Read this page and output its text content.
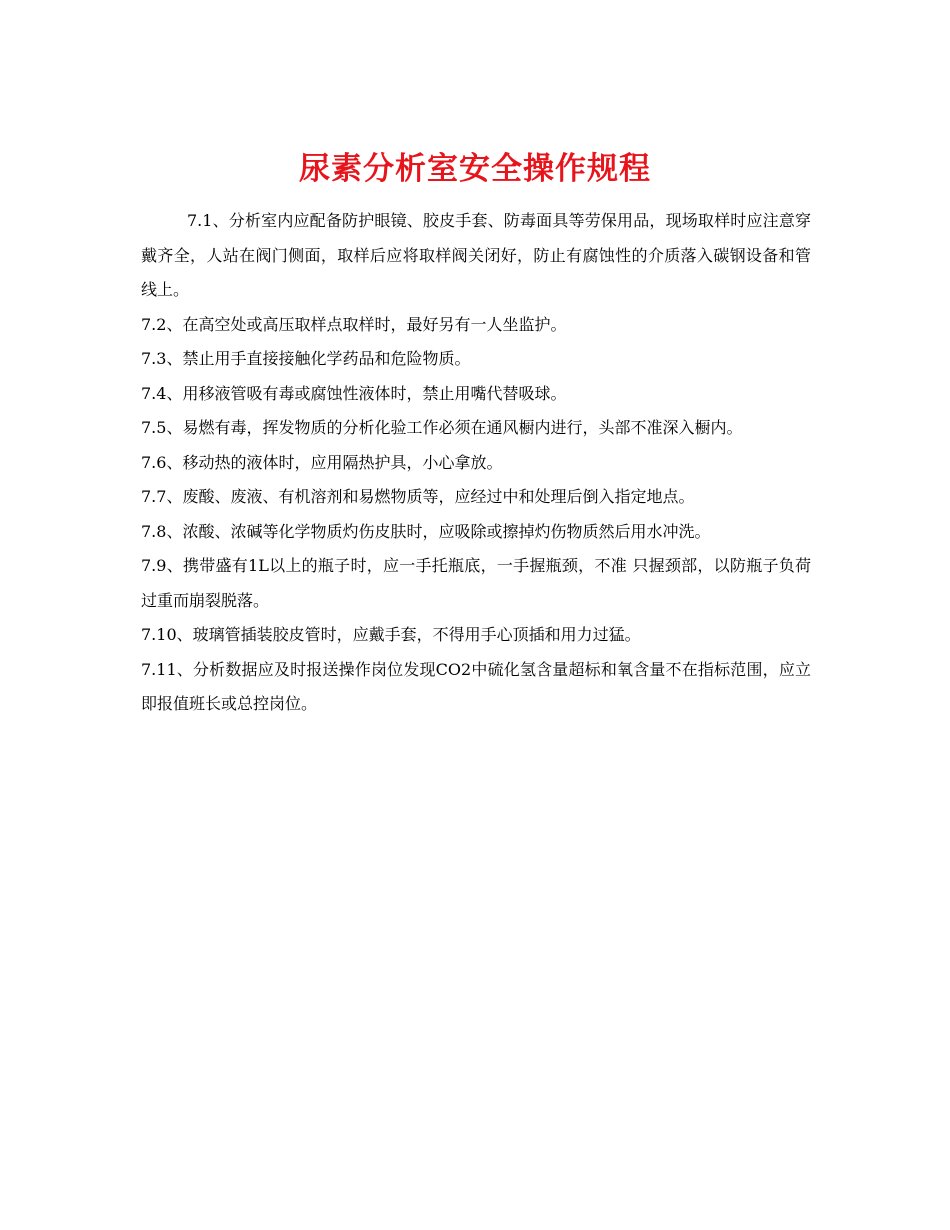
尿素分析室安全操作规程

7.1、分析室内应配备防护眼镜、胶皮手套、防毒面具等劳保用品，现场取样时应注意穿戴齐全，人站在阀门侧面，取样后应将取样阀关闭好，防止有腐蚀性的介质落入碳钢设备和管线上。

7.2、在高空处或高压取样点取样时，最好另有一人坐监护。

7.3、禁止用手直接接触化学药品和危险物质。

7.4、用移液管吸有毒或腐蚀性液体时，禁止用嘴代替吸球。

7.5、易燃有毒，挥发物质的分析化验工作必须在通风橱内进行，头部不准深入橱内。

7.6、移动热的液体时，应用隔热护具，小心拿放。

7.7、废酸、废液、有机溶剂和易燃物质等，应经过中和处理后倒入指定地点。

7.8、浓酸、浓碱等化学物质灼伤皮肤时，应吸除或擦掉灼伤物质然后用水冲洗。

7.9、携带盛有1L以上的瓶子时，应一手托瓶底，一手握瓶颈，不准 只握颈部，以防瓶子负荷过重而崩裂脱落。

7.10、玻璃管插装胶皮管时，应戴手套，不得用手心顶插和用力过猛。

7.11、分析数据应及时报送操作岗位发现CO2中硫化氢含量超标和氧含量不在指标范围，应立即报值班长或总控岗位。
